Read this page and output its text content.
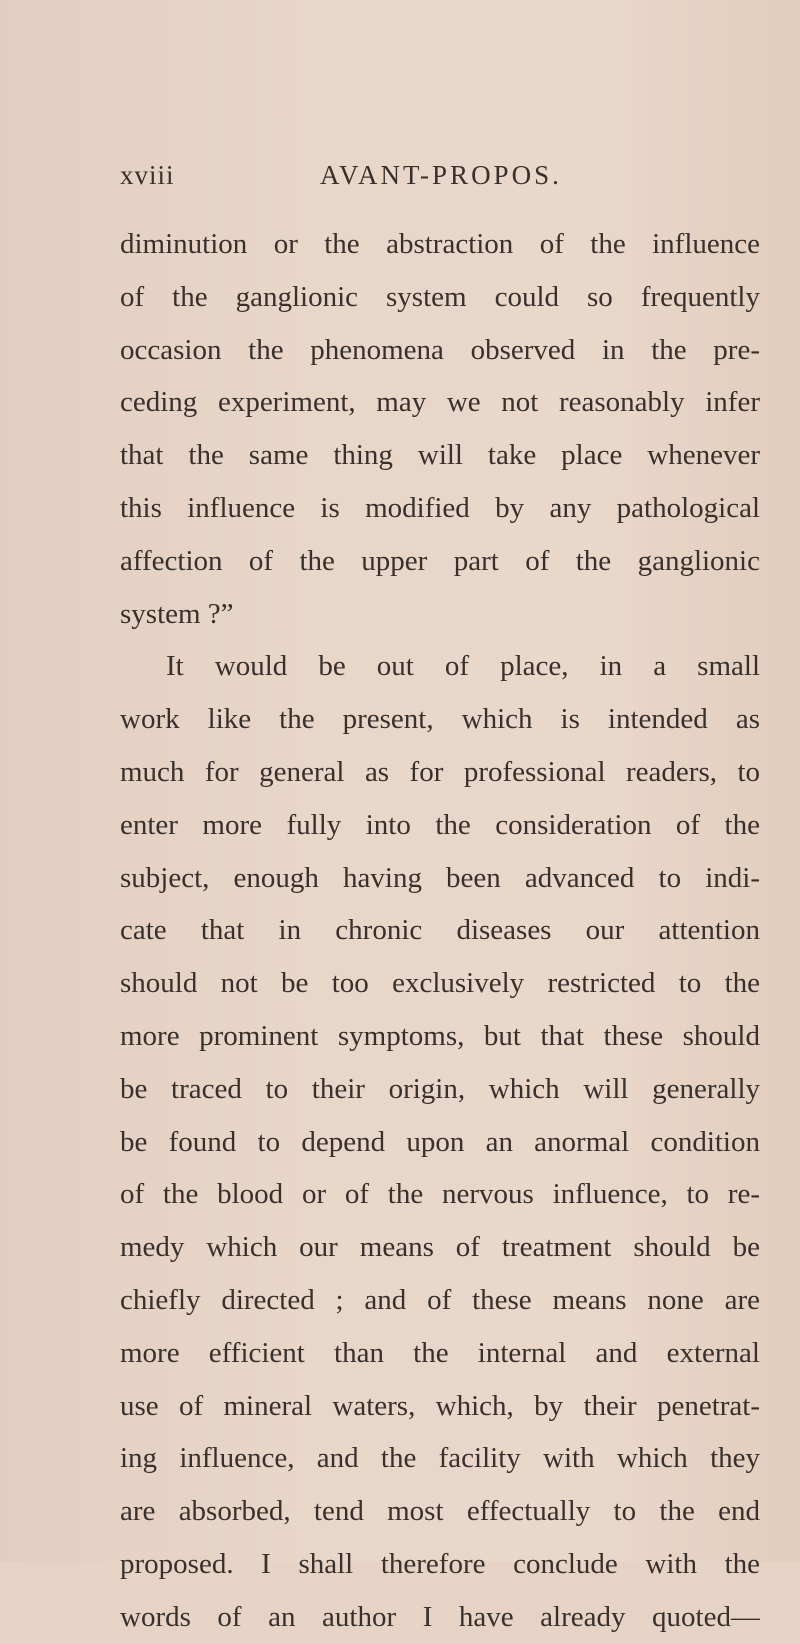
xviii	AVANT-PROPOS.
diminution or the abstraction of the influence
of the ganglionic system could so frequently
occasion the phenomena observed in the pre-
ceding experiment, may we not reasonably infer
that the same thing will take place whenever
this influence is modified by any pathological
affection of the upper part of the ganglionic
system ?”
It would be out of place, in a small
work like the present, which is intended as
much for general as for professional readers, to
enter more fully into the consideration of the
subject, enough having been advanced to indi-
cate that in chronic diseases our attention
should not be too exclusively restricted to the
more prominent symptoms, but that these should
be traced to their origin, which will generally
be found to depend upon an anormal condition
of the blood or of the nervous influence, to re-
medy which our means of treatment should be
chiefly directed ; and of these means none are
more efficient than the internal and external
use of mineral waters, which, by their penetrat-
ing influence, and the facility with which they
are absorbed, tend most effectually to the end
proposed. I shall therefore conclude with the
words of an author I have already quoted—
